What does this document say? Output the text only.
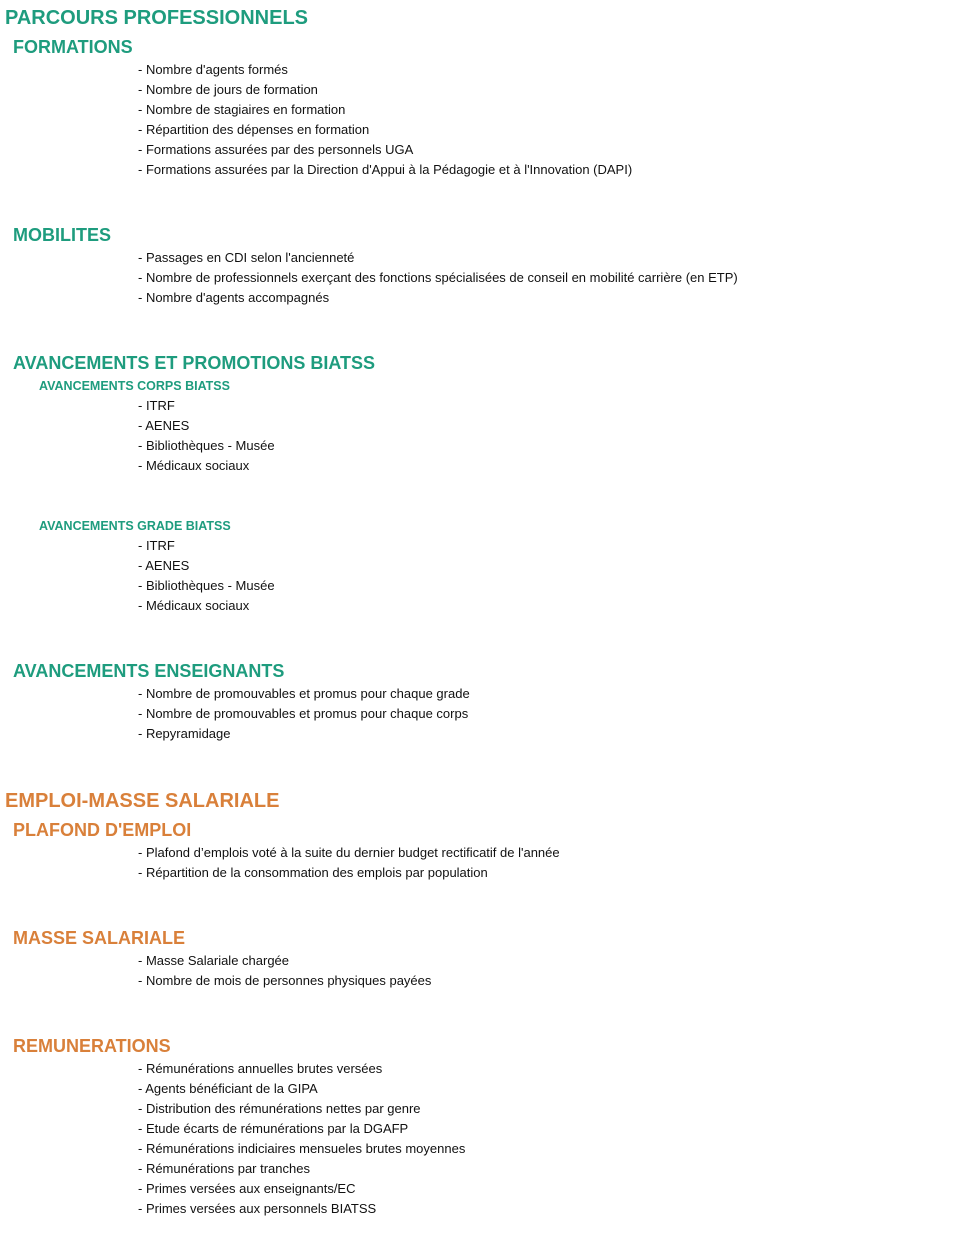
PARCOURS PROFESSIONNELS
FORMATIONS
- Nombre d'agents formés
- Nombre de jours de formation
- Nombre de stagiaires en formation
- Répartition des dépenses en formation
- Formations assurées par des personnels UGA
- Formations assurées par la Direction d'Appui à la Pédagogie et à l'Innovation (DAPI)
MOBILITES
- Passages en CDI selon l'ancienneté
- Nombre de professionnels exerçant des fonctions spécialisées de conseil en mobilité carrière (en ETP)
- Nombre d'agents accompagnés
AVANCEMENTS ET PROMOTIONS BIATSS
AVANCEMENTS CORPS BIATSS
- ITRF
- AENES
- Bibliothèques - Musée
- Médicaux sociaux
AVANCEMENTS GRADE BIATSS
- ITRF
- AENES
- Bibliothèques - Musée
- Médicaux sociaux
AVANCEMENTS ENSEIGNANTS
- Nombre de promouvables et promus pour chaque grade
- Nombre de promouvables et promus pour chaque corps
- Repyramidage
EMPLOI-MASSE SALARIALE
PLAFOND D'EMPLOI
- Plafond d’emplois voté à la suite du dernier budget rectificatif de l'année
- Répartition de la consommation des emplois par population
MASSE SALARIALE
- Masse Salariale chargée
- Nombre de mois de personnes physiques payées
REMUNERATIONS
- Rémunérations annuelles brutes versées
- Agents bénéficiant de la GIPA
- Distribution des rémunérations nettes par genre
- Etude écarts de rémunérations par la DGAFP
- Rémunérations indiciaires mensueles brutes moyennes
- Rémunérations par tranches
- Primes versées aux enseignants/EC
- Primes versées aux personnels BIATSS
